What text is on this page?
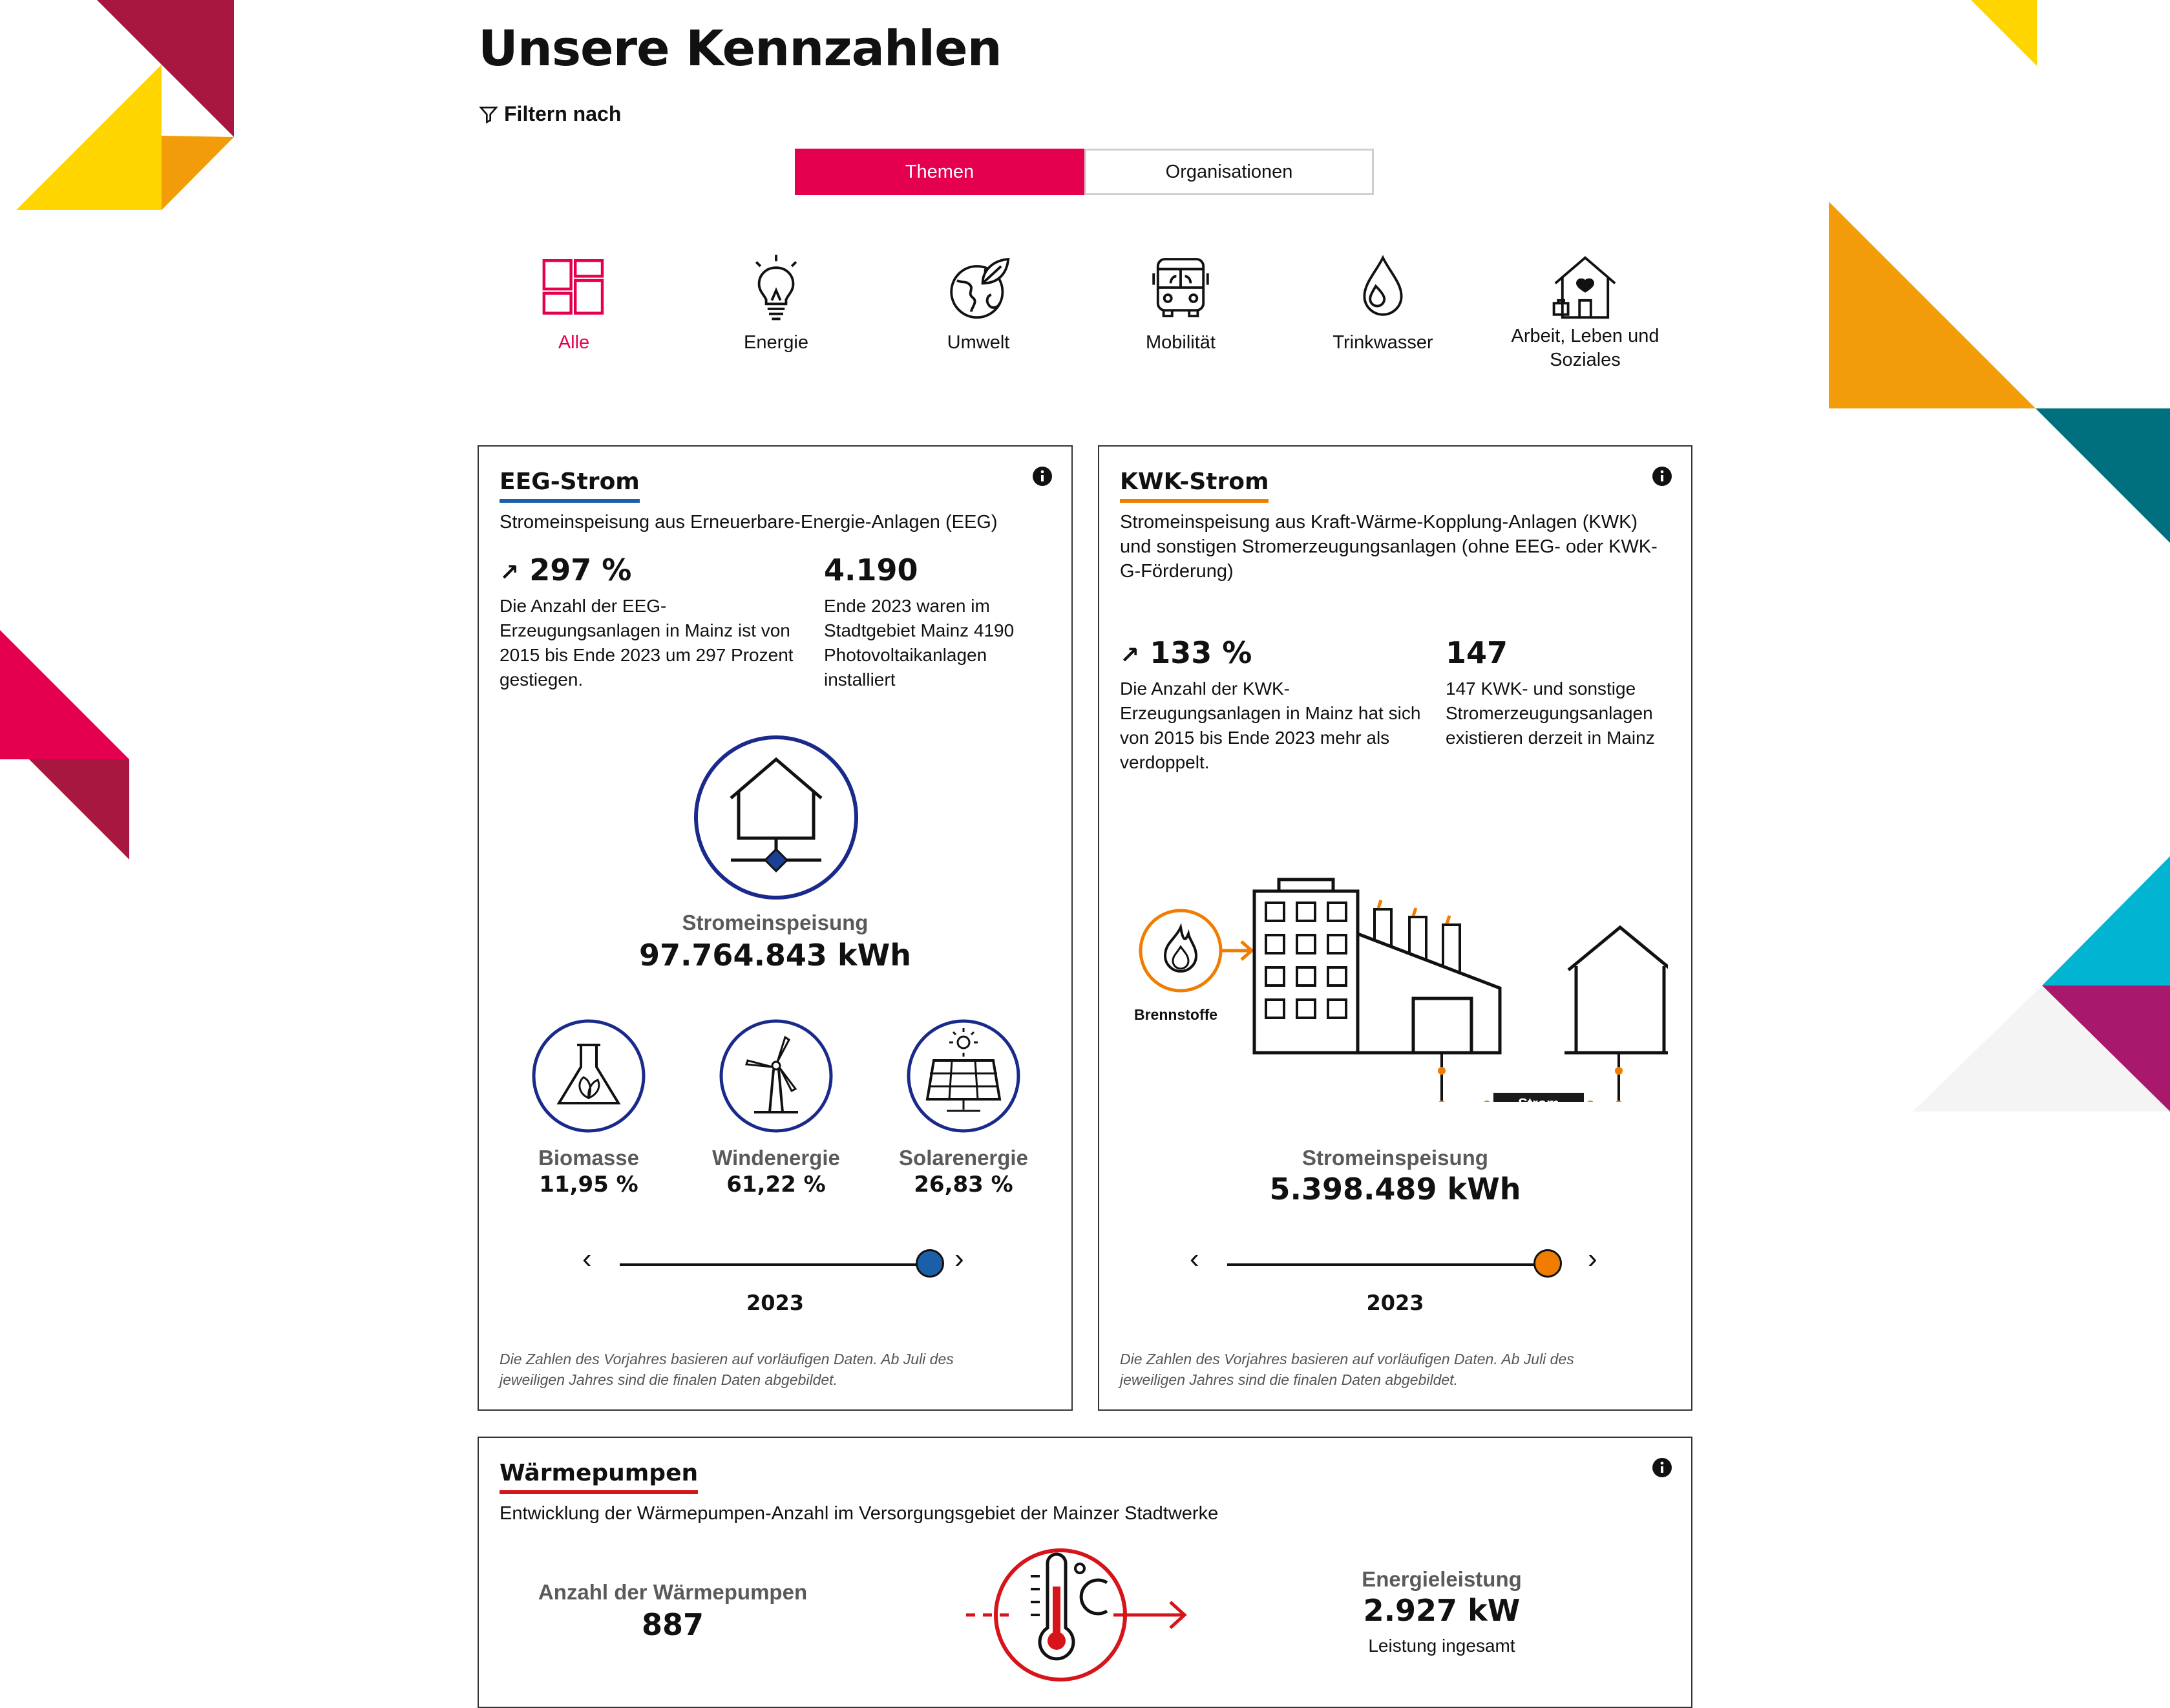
Unsere Kennzahlen
Filtern nach
Themen	Organisationen
Alle	Energie	Umwelt	Mobilität	Trinkwasser	Arbeit, Leben und
Soziales
EEG-Strom
Stromeinspeisung aus Erneuerbare-Energie-Anlagen (EEG)
↗ 297 %
Die Anzahl der EEG-
Erzeugungsanlagen in Mainz ist von
2015 bis Ende 2023 um 297 Prozent
gestiegen.
4.190
Ende 2023 waren im
Stadtgebiet Mainz 4190
Photovoltaikanlagen
installiert
Stromeinspeisung
97.764.843 kWh
Biomasse
11,95 %
Windenergie
61,22 %
Solarenergie
26,83 %
‹	›
2023
Die Zahlen des Vorjahres basieren auf vorläufigen Daten. Ab Juli des
jeweiligen Jahres sind die finalen Daten abgebildet.
KWK-Strom
Stromeinspeisung aus Kraft-Wärme-Kopplung-Anlagen (KWK)
und sonstigen Stromerzeugungsanlagen (ohne EEG- oder KWK-
G-Förderung)
↗ 133 %
Die Anzahl der KWK-
Erzeugungsanlagen in Mainz hat sich
von 2015 bis Ende 2023 mehr als
verdoppelt.
147
147 KWK- und sonstige
Stromerzeugungsanlagen
existieren derzeit in Mainz
Brennstoffe
Strom
Stromeinspeisung
5.398.489 kWh
‹	›
2023
Die Zahlen des Vorjahres basieren auf vorläufigen Daten. Ab Juli des
jeweiligen Jahres sind die finalen Daten abgebildet.
Wärmepumpen
Entwicklung der Wärmepumpen-Anzahl im Versorgungsgebiet der Mainzer Stadtwerke
Anzahl der Wärmepumpen
887
Energieleistung
2.927 kW
Leistung ingesamt
